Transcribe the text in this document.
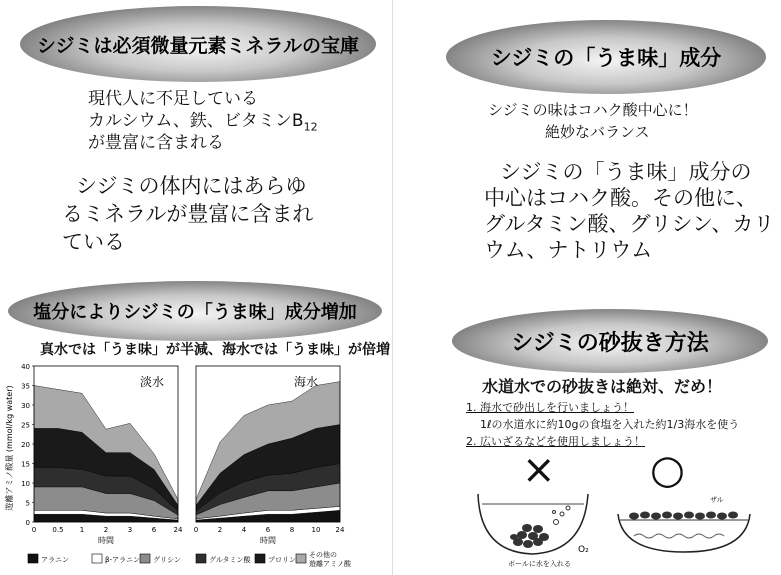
シジミは必須微量元素ミネラルの宝庫
現代人に不足している
カルシウム、鉄、ビタミン$B_{12}$
が豊富に含まれる
シジミの体内にはあらゆ
るミネラルが豊富に含まれ
ている
塩分によりシジミの「うま味」成分増加
真水では「うま味」が半減、海水では「うま味」が倍増
遊離アミノ酸量 (mmol/kg water)
0
5
10
15
20
25
30
35
40
0 0.5 1	2	3	6 24
時間
淡水
0	2	4	6	8 10 24
時間
海水
アラニン	β-アラニン グリシン	グルタミン酸 プロリン
その他の
遊離アミノ酸
シジミの「うま味」成分
シジミの味はコハク酸中心に！
絶妙なバランス
シジミの「うま味」成分の
中心はコハク酸。その他に、
グルタミン酸、グリシン、カリ
ウム、ナトリウム
シジミの砂抜き方法
水道水での砂抜きは絶対、だめ！
1. 海水で砂出しを行いましょう！
1ℓの水道水に約10gの食塩を入れた約1/3海水を使う
2. 広いざるなどを使用しましょう！
× ○
ボールに水を入れる
O₂
ザル
